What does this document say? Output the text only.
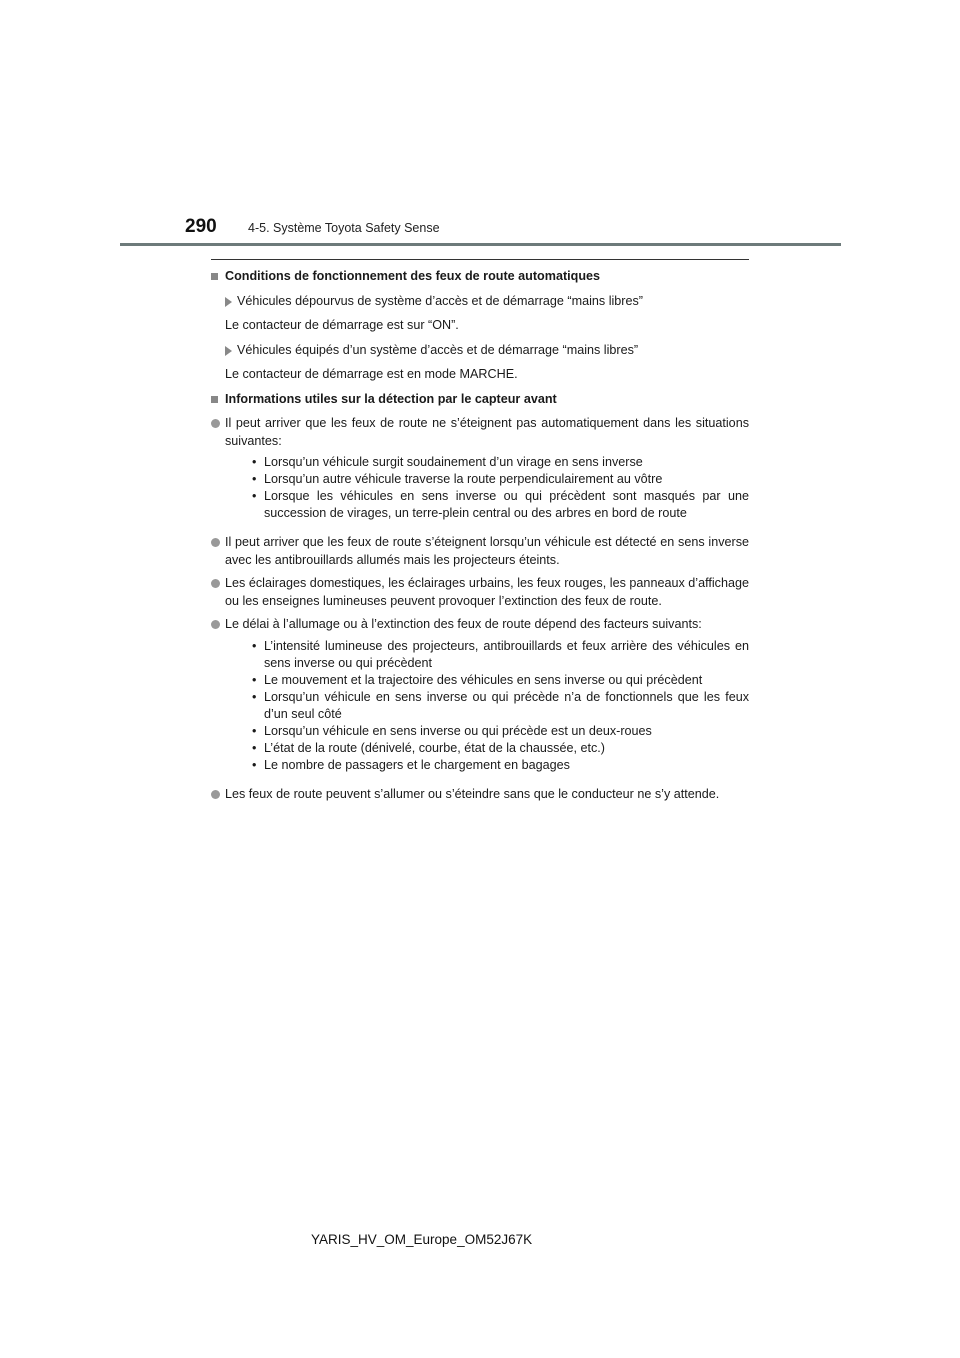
290	4-5. Système Toyota Safety Sense
Conditions de fonctionnement des feux de route automatiques
Véhicules dépourvus de système d’accès et de démarrage “mains libres”
Le contacteur de démarrage est sur “ON”.
Véhicules équipés d’un système d’accès et de démarrage “mains libres”
Le contacteur de démarrage est en mode MARCHE.
Informations utiles sur la détection par le capteur avant
Il peut arriver que les feux de route ne s’éteignent pas automatiquement dans les situations suivantes:
• Lorsqu’un véhicule surgit soudainement d’un virage en sens inverse
• Lorsqu’un autre véhicule traverse la route perpendiculairement au vôtre
• Lorsque les véhicules en sens inverse ou qui précèdent sont masqués par une succession de virages, un terre-plein central ou des arbres en bord de route
Il peut arriver que les feux de route s’éteignent lorsqu’un véhicule est détecté en sens inverse avec les antibrouillards allumés mais les projecteurs éteints.
Les éclairages domestiques, les éclairages urbains, les feux rouges, les panneaux d’affichage ou les enseignes lumineuses peuvent provoquer l’extinction des feux de route.
Le délai à l’allumage ou à l’extinction des feux de route dépend des facteurs suivants:
• L’intensité lumineuse des projecteurs, antibrouillards et feux arrière des véhicules en sens inverse ou qui précèdent
• Le mouvement et la trajectoire des véhicules en sens inverse ou qui précèdent
• Lorsqu’un véhicule en sens inverse ou qui précède n’a de fonctionnels que les feux d’un seul côté
• Lorsqu’un véhicule en sens inverse ou qui précède est un deux-roues
• L’état de la route (dénivelé, courbe, état de la chaussée, etc.)
• Le nombre de passagers et le chargement en bagages
Les feux de route peuvent s’allumer ou s’éteindre sans que le conducteur ne s’y attende.
YARIS_HV_OM_Europe_OM52J67K
